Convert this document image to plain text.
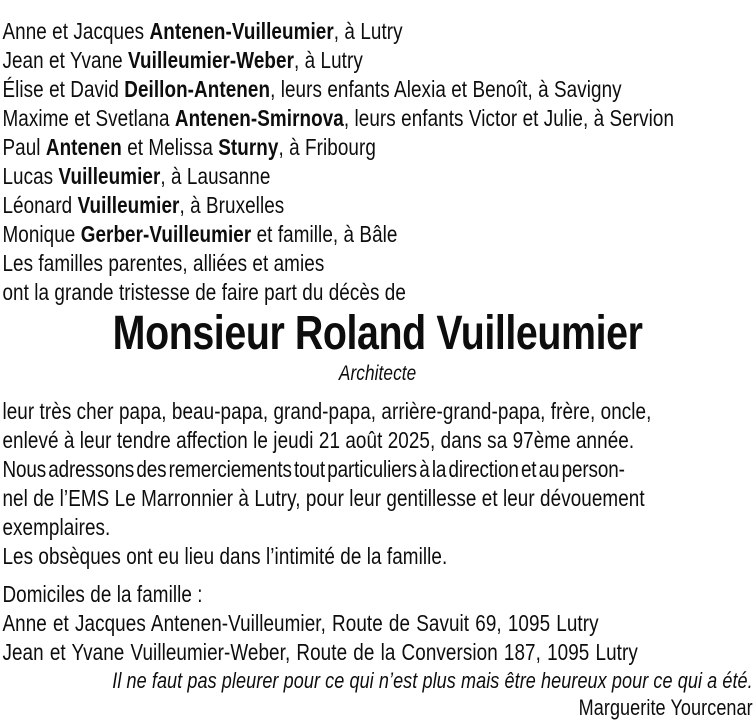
Anne et Jacques Antenen-Vuilleumier, à Lutry
Jean et Yvane Vuilleumier-Weber, à Lutry
Élise et David Deillon-Antenen, leurs enfants Alexia et Benoît, à Savigny
Maxime et Svetlana Antenen-Smirnova, leurs enfants Victor et Julie, à Servion
Paul Antenen et Melissa Sturny, à Fribourg
Lucas Vuilleumier, à Lausanne
Léonard Vuilleumier, à Bruxelles
Monique Gerber-Vuilleumier et famille, à Bâle
Les familles parentes, alliées et amies
ont la grande tristesse de faire part du décès de
Monsieur Roland Vuilleumier
Architecte
leur très cher papa, beau-papa, grand-papa, arrière-grand-papa, frère, oncle,
enlevé à leur tendre affection le jeudi 21 août 2025, dans sa 97ème année.
Nous adressons des remerciements tout particuliers à la direction et au person-
nel de l’EMS Le Marronnier à Lutry, pour leur gentillesse et leur dévouement
exemplaires.
Les obsèques ont eu lieu dans l’intimité de la famille.
Domiciles de la famille :
Anne et Jacques Antenen-Vuilleumier, Route de Savuit 69, 1095 Lutry
Jean et Yvane Vuilleumier-Weber, Route de la Conversion 187, 1095 Lutry
Il ne faut pas pleurer pour ce qui n’est plus mais être heureux pour ce qui a été.
Marguerite Yourcenar
